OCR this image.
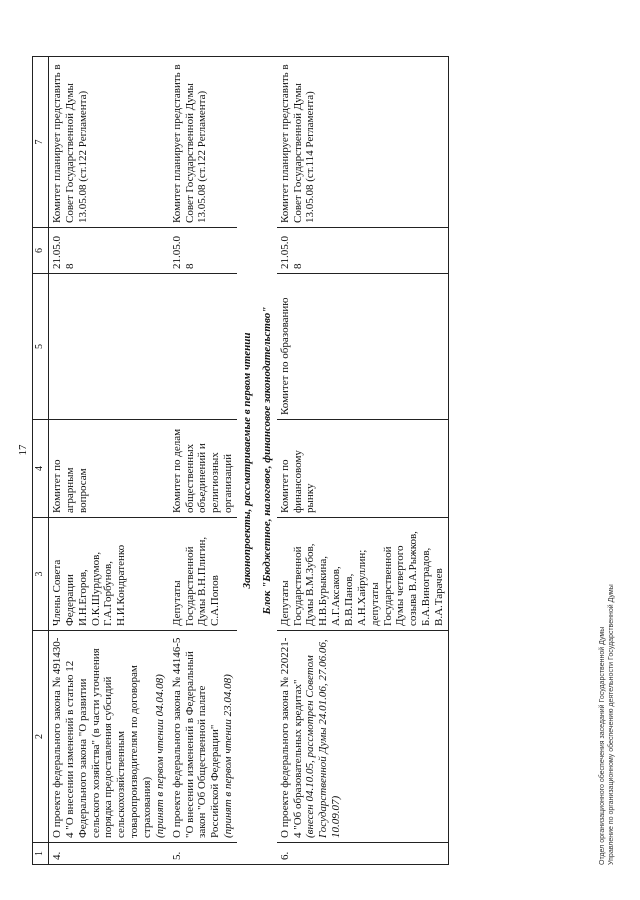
17
1	2	3	4	5	6	7
4.	О проекте федерального закона № 491430-4 "О внесении изменений в статью 12 Федерального закона "О развитии сельского хозяйства" (в части уточнения порядка предоставления субсидий сельскохозяйственным товаропроизводителям по договорам страхования) (принят в первом чтении 04.04.08)	Члены Совета Федерации И.Н.Егоров, О.К.Шурдумов, Г.А.Горбунов, Н.И.Кондратенко	Комитет по аграрным вопросам		21.05.08	Комитет планирует представить в Совет Государственной Думы 13.05.08 (ст.122 Регламента)
5.	О проекте федерального закона № 44146-5 "О внесении изменений в Федеральный закон "Об Общественной палате Российской Федерации" (принят в первом чтении 23.04.08)	Депутаты Государственной Думы В.Н.Плигин, С.А.Попов	Комитет по делам общественных объединений и религиозных организаций		21.05.08	Комитет планирует представить в Совет Государственной Думы 13.05.08 (ст.122 Регламента)
Законопроекты, рассматриваемые в первом чтении						
Блок "Бюджетное, налоговое, финансовое законодательство"						
6.	О проекте федерального закона № 220221-4 "Об образовательных кредитах" (внесен 04.10.05, рассмотрен Советом Государственной Думы 24.01.06, 27.06.06, 10.09.07)	Депутаты Государственной Думы В.М.Зубов, Н.В.Бурыкина, А.Г.Аксаков, В.В.Панов, А.Н.Хайруллин; депутаты Государственной Думы четвертого созыва В.А.Рыжков, Б.А.Виноградов, В.А.Тарачев	Комитет по финансовому рынку	Комитет по образованию	21.05.08	Комитет планирует представить в Совет Государственной Думы 13.05.08 (ст.114 Регламента)
Отдел организационного обеспечения заседаний Государственной Думы Управление по организационному обеспечению деятельности Государственной Думы
